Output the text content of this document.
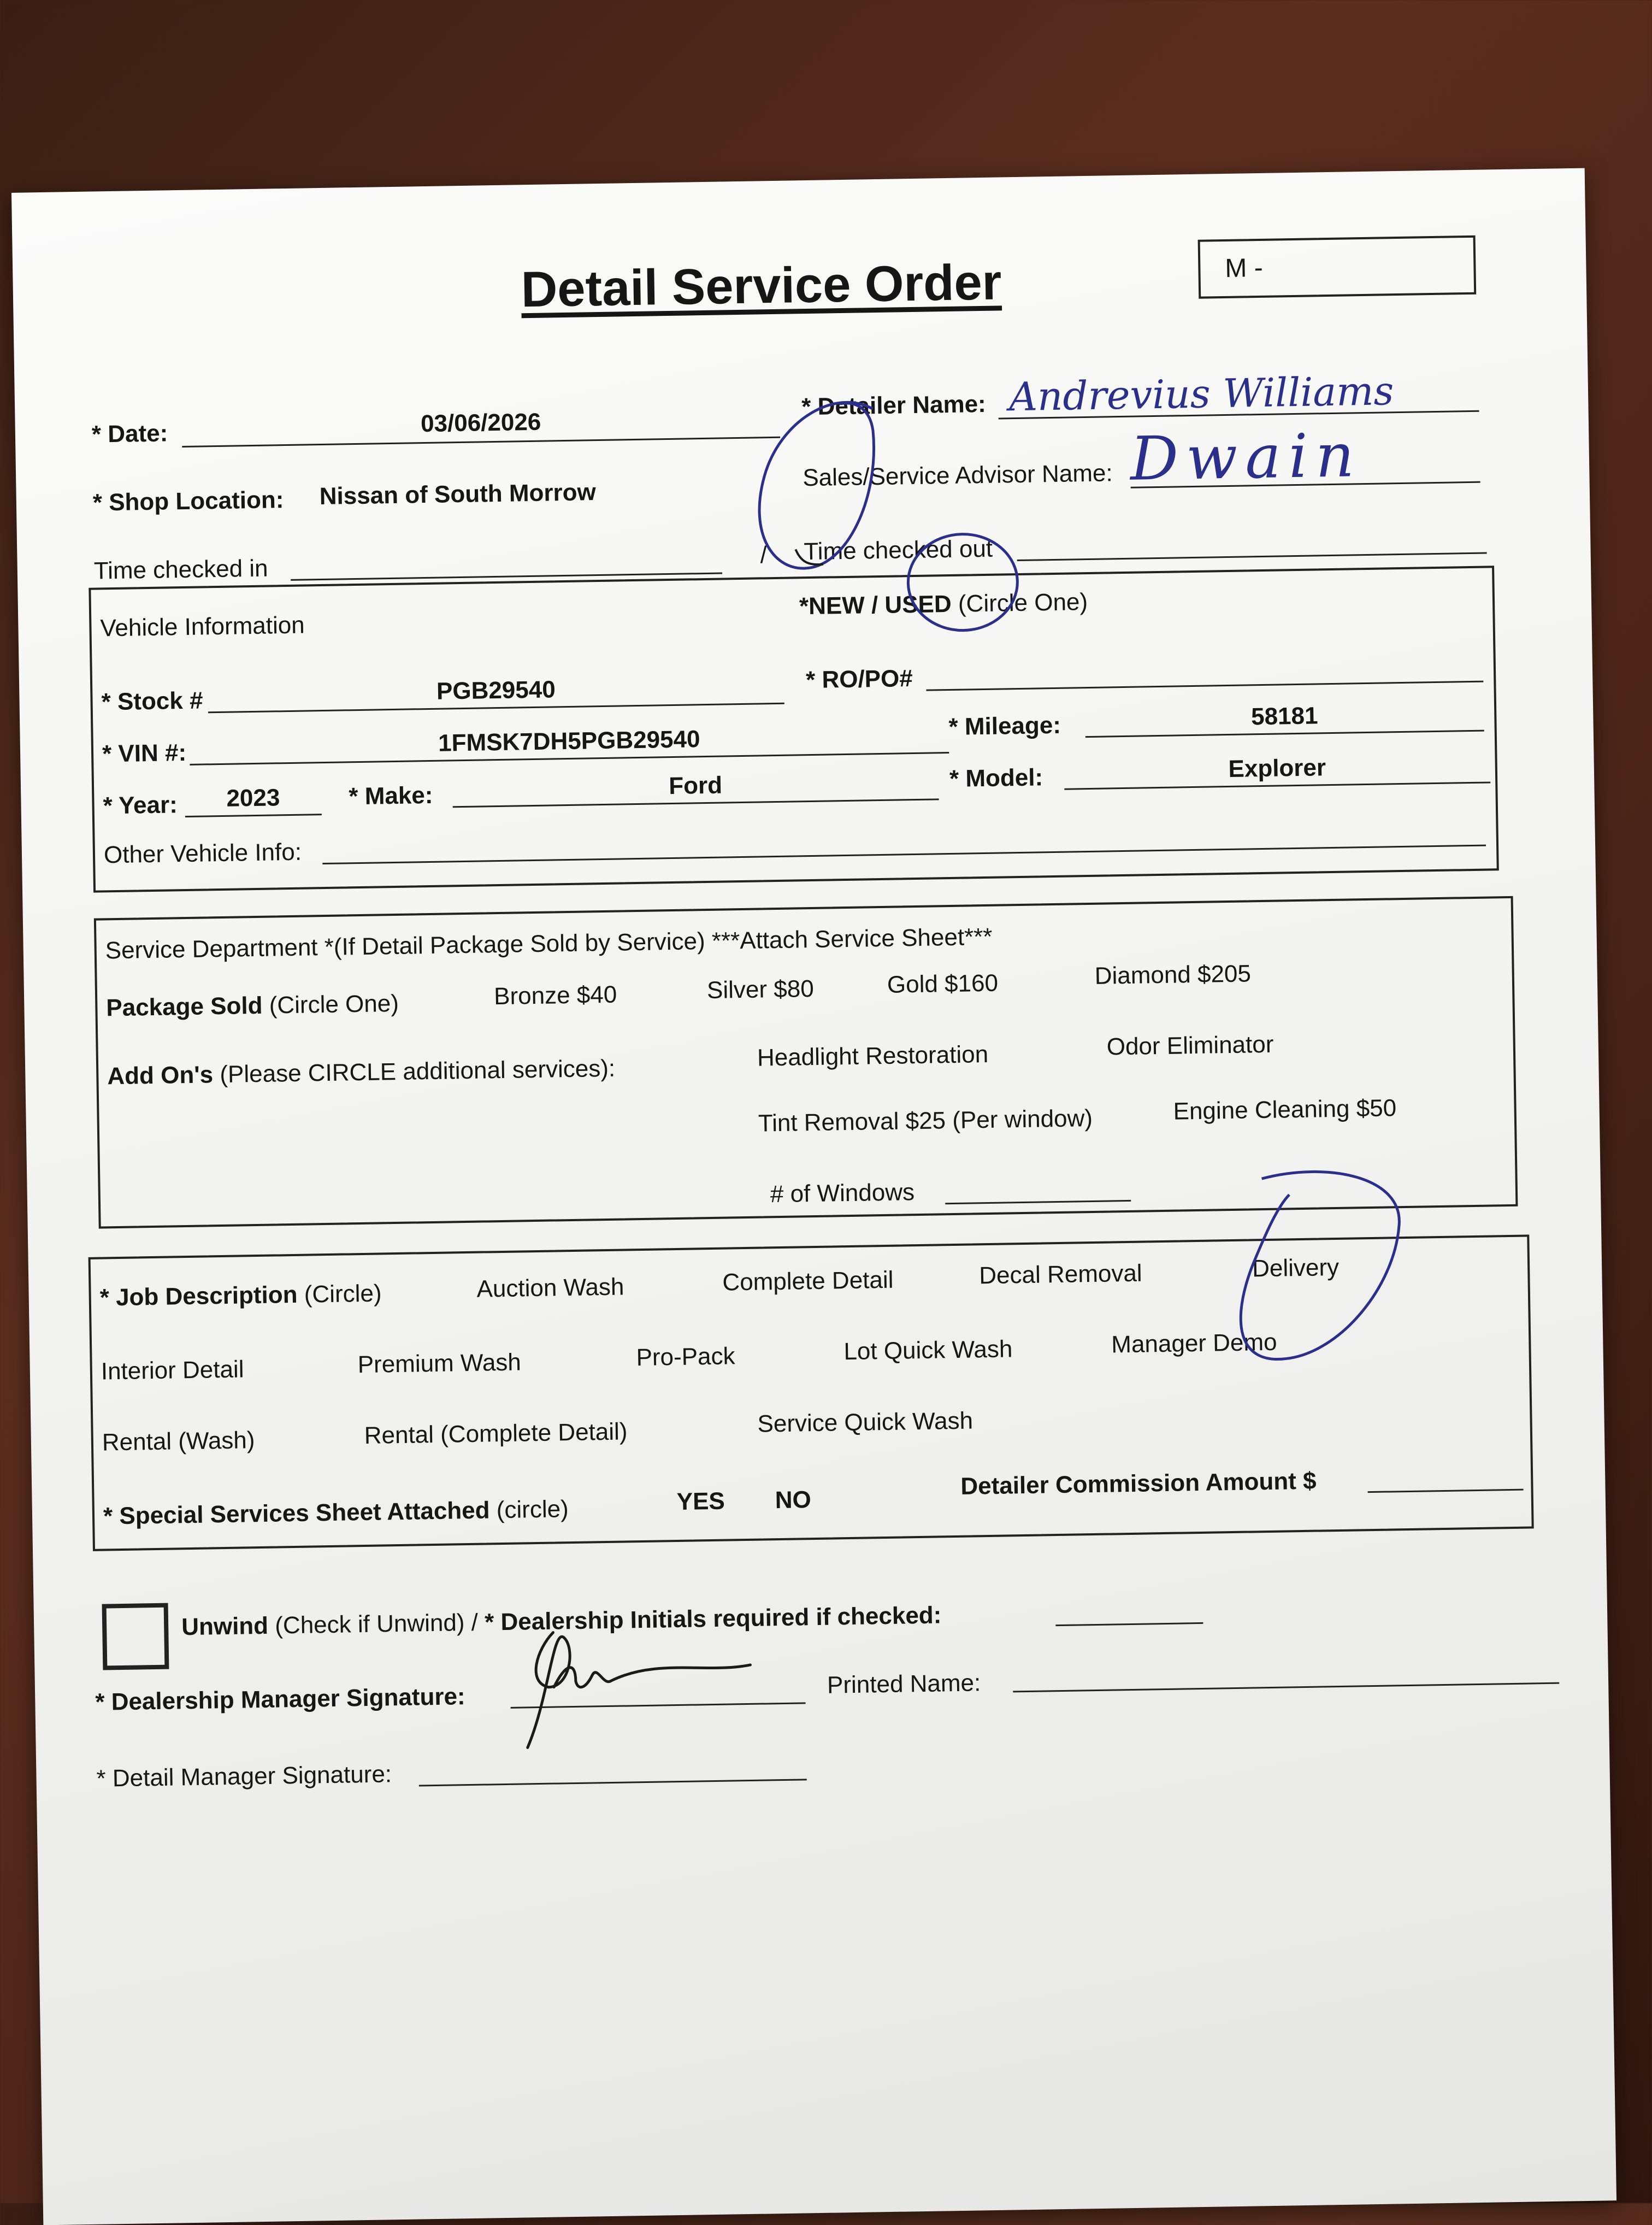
Detail Service Order	M -
* Date:	03/06/2026
* Detailer Name: Andrevius Williams
* Shop Location: Nissan of South Morrow
Sales/Service Advisor Name: Dwain
Time checked in	/ Time checked out
Vehicle Information
*NEW / USED (Circle One)
* Stock #	PGB29540	* RO/PO#
* VIN #:	1FMSK7DH5PGB29540	* Mileage:	58181
* Year:	2023	* Make:	Ford	* Model:	Explorer
Other Vehicle Info:
Service Department *(If Detail Package Sold by Service) ***Attach Service Sheet***
Package Sold (Circle One)	Bronze $40	Silver $80	Gold $160	Diamond $205
Add On's (Please CIRCLE additional services):	Headlight Restoration	Odor Eliminator
Tint Removal $25 (Per window)	Engine Cleaning $50
# of Windows
* Job Description (Circle)	Auction Wash	Complete Detail	Decal Removal	Delivery
Interior Detail	Premium Wash	Pro-Pack	Lot Quick Wash	Manager Demo
Rental (Wash)	Rental (Complete Detail)	Service Quick Wash
* Special Services Sheet Attached (circle)	YES NO
Detailer Commission Amount $
Unwind (Check if Unwind) / * Dealership Initials required if checked:
* Dealership Manager Signature:	Printed Name:
* Detail Manager Signature:
